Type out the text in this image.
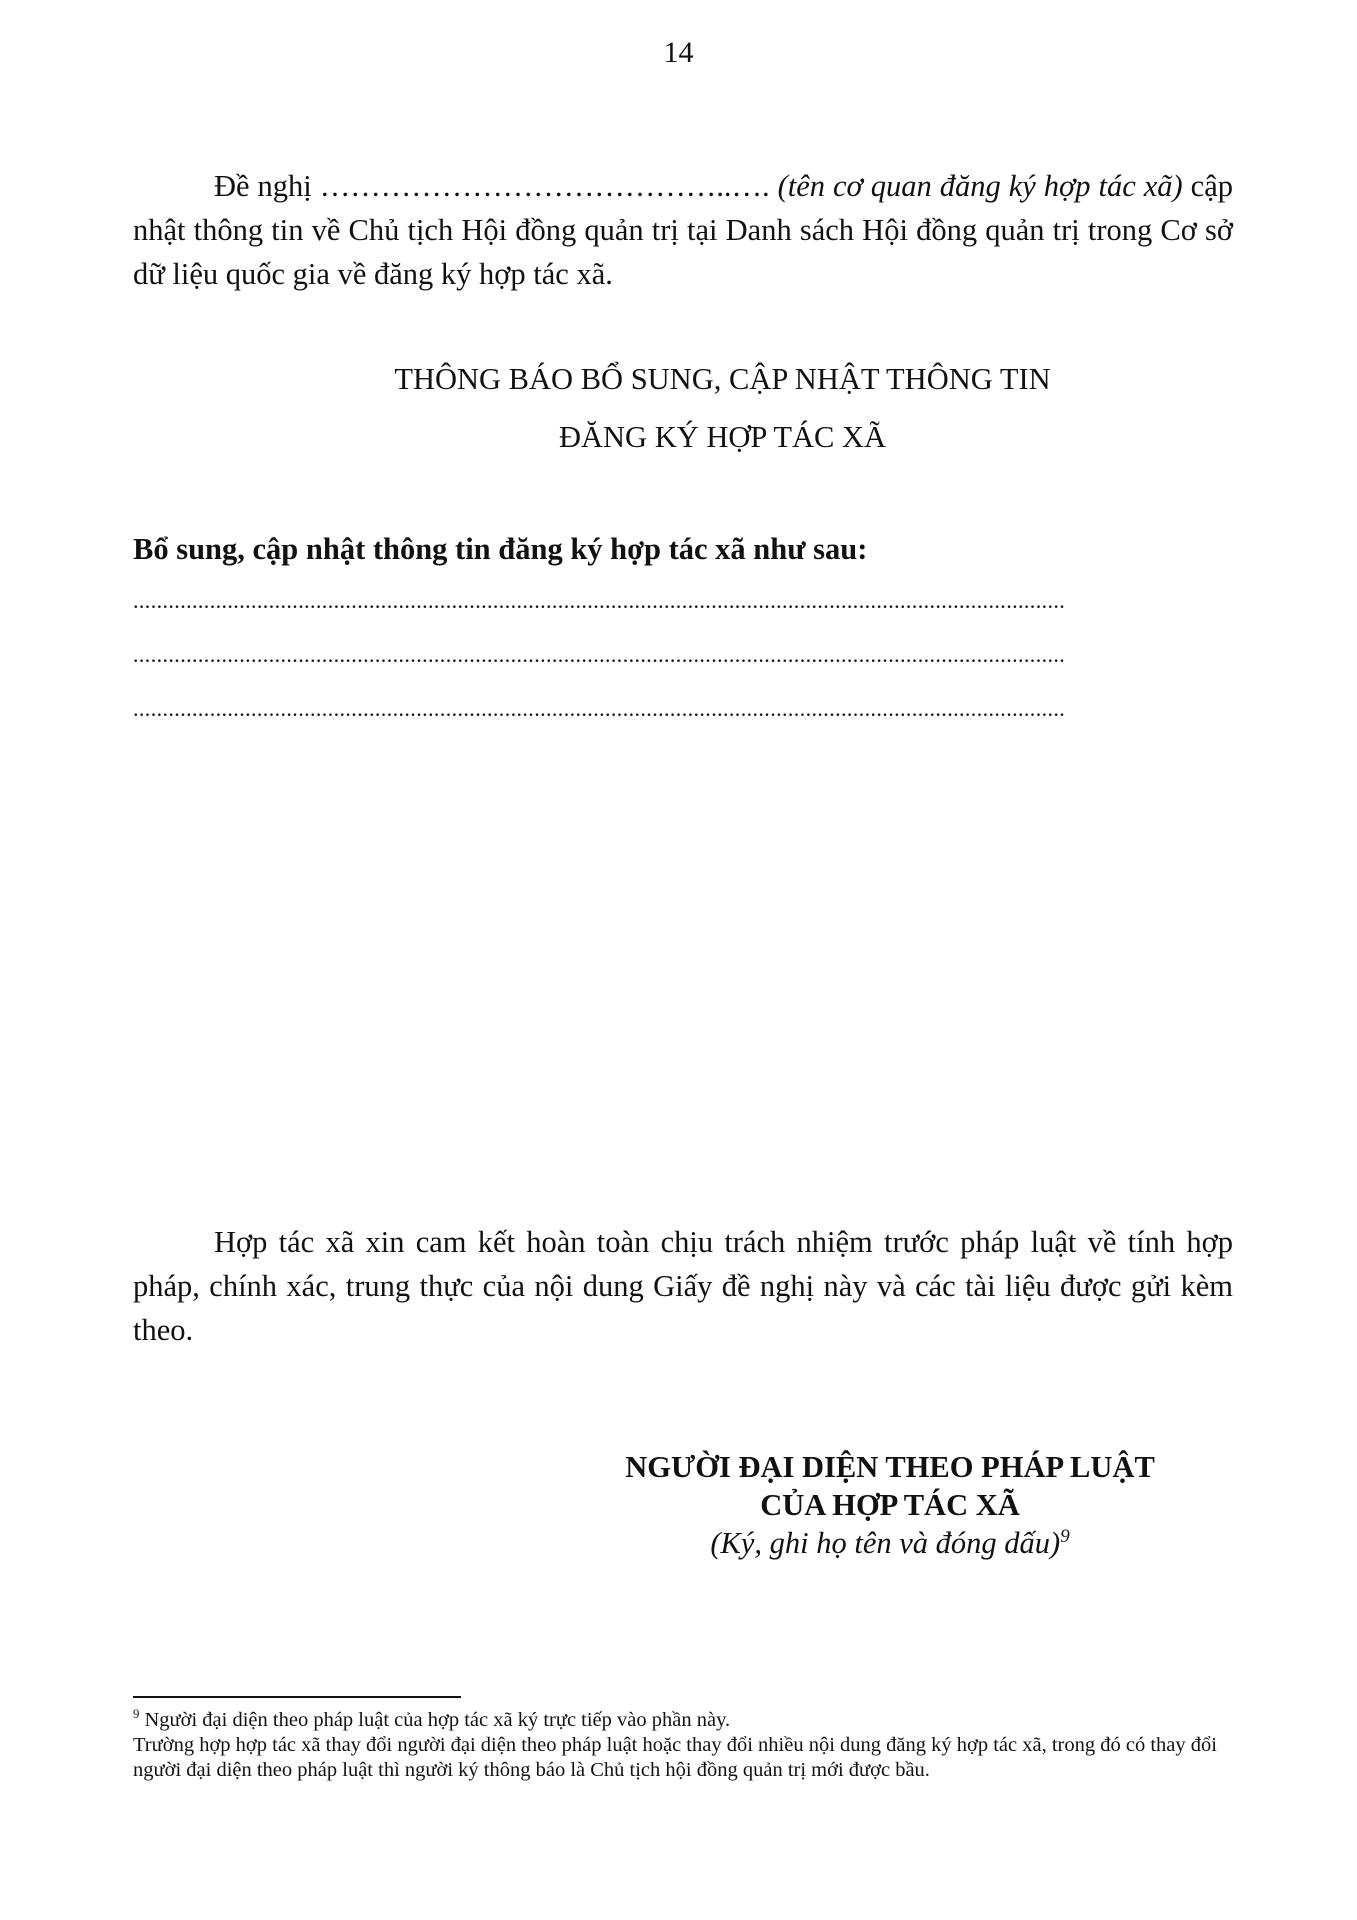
14
Đề nghị …………………………………..…. (tên cơ quan đăng ký hợp tác xã) cập nhật thông tin về Chủ tịch Hội đồng quản trị tại Danh sách Hội đồng quản trị trong Cơ sở dữ liệu quốc gia về đăng ký hợp tác xã.
THÔNG BÁO BỔ SUNG, CẬP NHẬT THÔNG TIN
ĐĂNG KÝ HỢP TÁC XÃ
Bổ sung, cập nhật thông tin đăng ký hợp tác xã như sau:
..............................................................................................................................................................
..............................................................................................................................................................
..............................................................................................................................................................
Hợp tác xã xin cam kết hoàn toàn chịu trách nhiệm trước pháp luật về tính hợp pháp, chính xác, trung thực của nội dung Giấy đề nghị này và các tài liệu được gửi kèm theo.
NGƯỜI ĐẠI DIỆN THEO PHÁP LUẬT
CỦA HỢP TÁC XÃ
(Ký, ghi họ tên và đóng dấu)$^9$

$^9$ Người đại diện theo pháp luật của hợp tác xã ký trực tiếp vào phần này.

Trường hợp hợp tác xã thay đổi người đại diện theo pháp luật hoặc thay đổi nhiều nội dung đăng ký hợp tác xã, trong đó có thay đổi người đại diện theo pháp luật thì người ký thông báo là Chủ tịch hội đồng quản trị mới được bầu.
